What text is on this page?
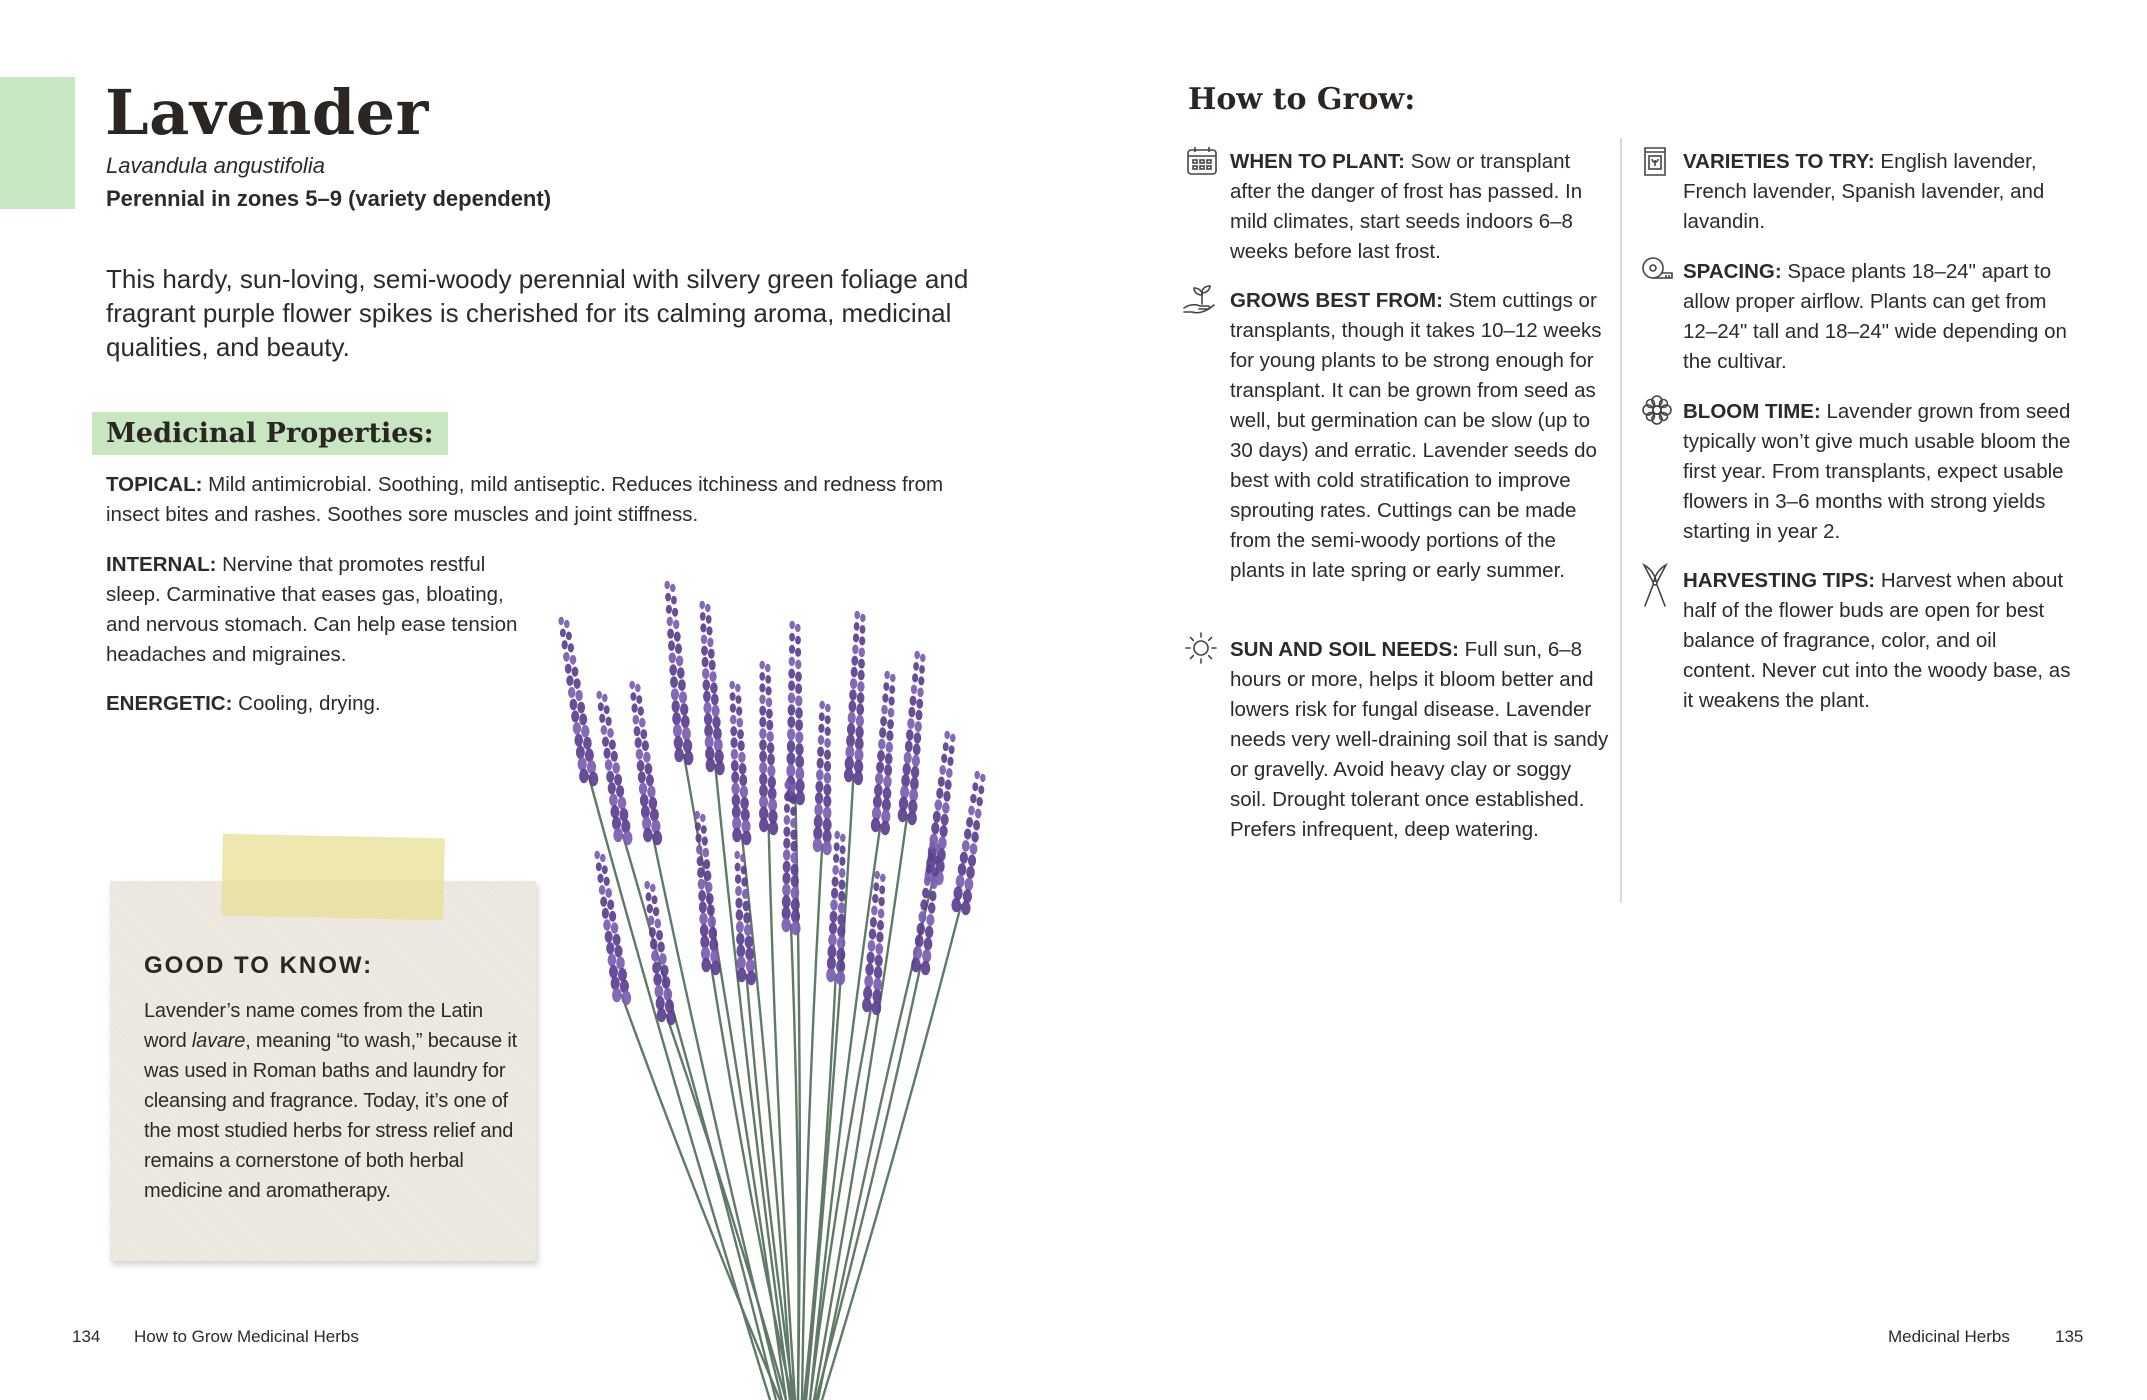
Lavender
Lavandula angustifolia
Perennial in zones 5–9 (variety dependent)

This hardy, sun-loving, semi-woody perennial with silvery green foliage and fragrant purple flower spikes is cherished for its calming aroma, medicinal qualities, and beauty.

Medicinal Properties:

TOPICAL: Mild antimicrobial. Soothing, mild antiseptic. Reduces itchiness and redness from insect bites and rashes. Soothes sore muscles and joint stiffness.

INTERNAL: Nervine that promotes restful sleep. Carminative that eases gas, bloating, and nervous stomach. Can help ease tension headaches and migraines.

ENERGETIC: Cooling, drying.

GOOD TO KNOW:

Lavender’s name comes from the Latin word lavare, meaning “to wash,” because it was used in Roman baths and laundry for cleansing and fragrance. Today, it’s one of the most studied herbs for stress relief and remains a cornerstone of both herbal medicine and aromatherapy.

How to Grow:

WHEN TO PLANT: Sow or transplant after the danger of frost has passed. In mild climates, start seeds indoors 6–8 weeks before last frost.

GROWS BEST FROM: Stem cuttings or transplants, though it takes 10–12 weeks for young plants to be strong enough for transplant. It can be grown from seed as well, but germination can be slow (up to 30 days) and erratic. Lavender seeds do best with cold stratification to improve sprouting rates. Cuttings can be made from the semi-woody portions of the plants in late spring or early summer.

SUN AND SOIL NEEDS: Full sun, 6–8 hours or more, helps it bloom better and lowers risk for fungal disease. Lavender needs very well-draining soil that is sandy or gravelly. Avoid heavy clay or soggy soil. Drought tolerant once established. Prefers infrequent, deep watering.

VARIETIES TO TRY: English lavender, French lavender, Spanish lavender, and lavandin.

SPACING: Space plants 18–24" apart to allow proper airflow. Plants can get from 12–24" tall and 18–24" wide depending on the cultivar.

BLOOM TIME: Lavender grown from seed typically won’t give much usable bloom the first year. From transplants, expect usable flowers in 3–6 months with strong yields starting in year 2.

HARVESTING TIPS: Harvest when about half of the flower buds are open for best balance of fragrance, color, and oil content. Never cut into the woody base, as it weakens the plant.

134 How to Grow Medicinal Herbs	Medicinal Herbs	135
